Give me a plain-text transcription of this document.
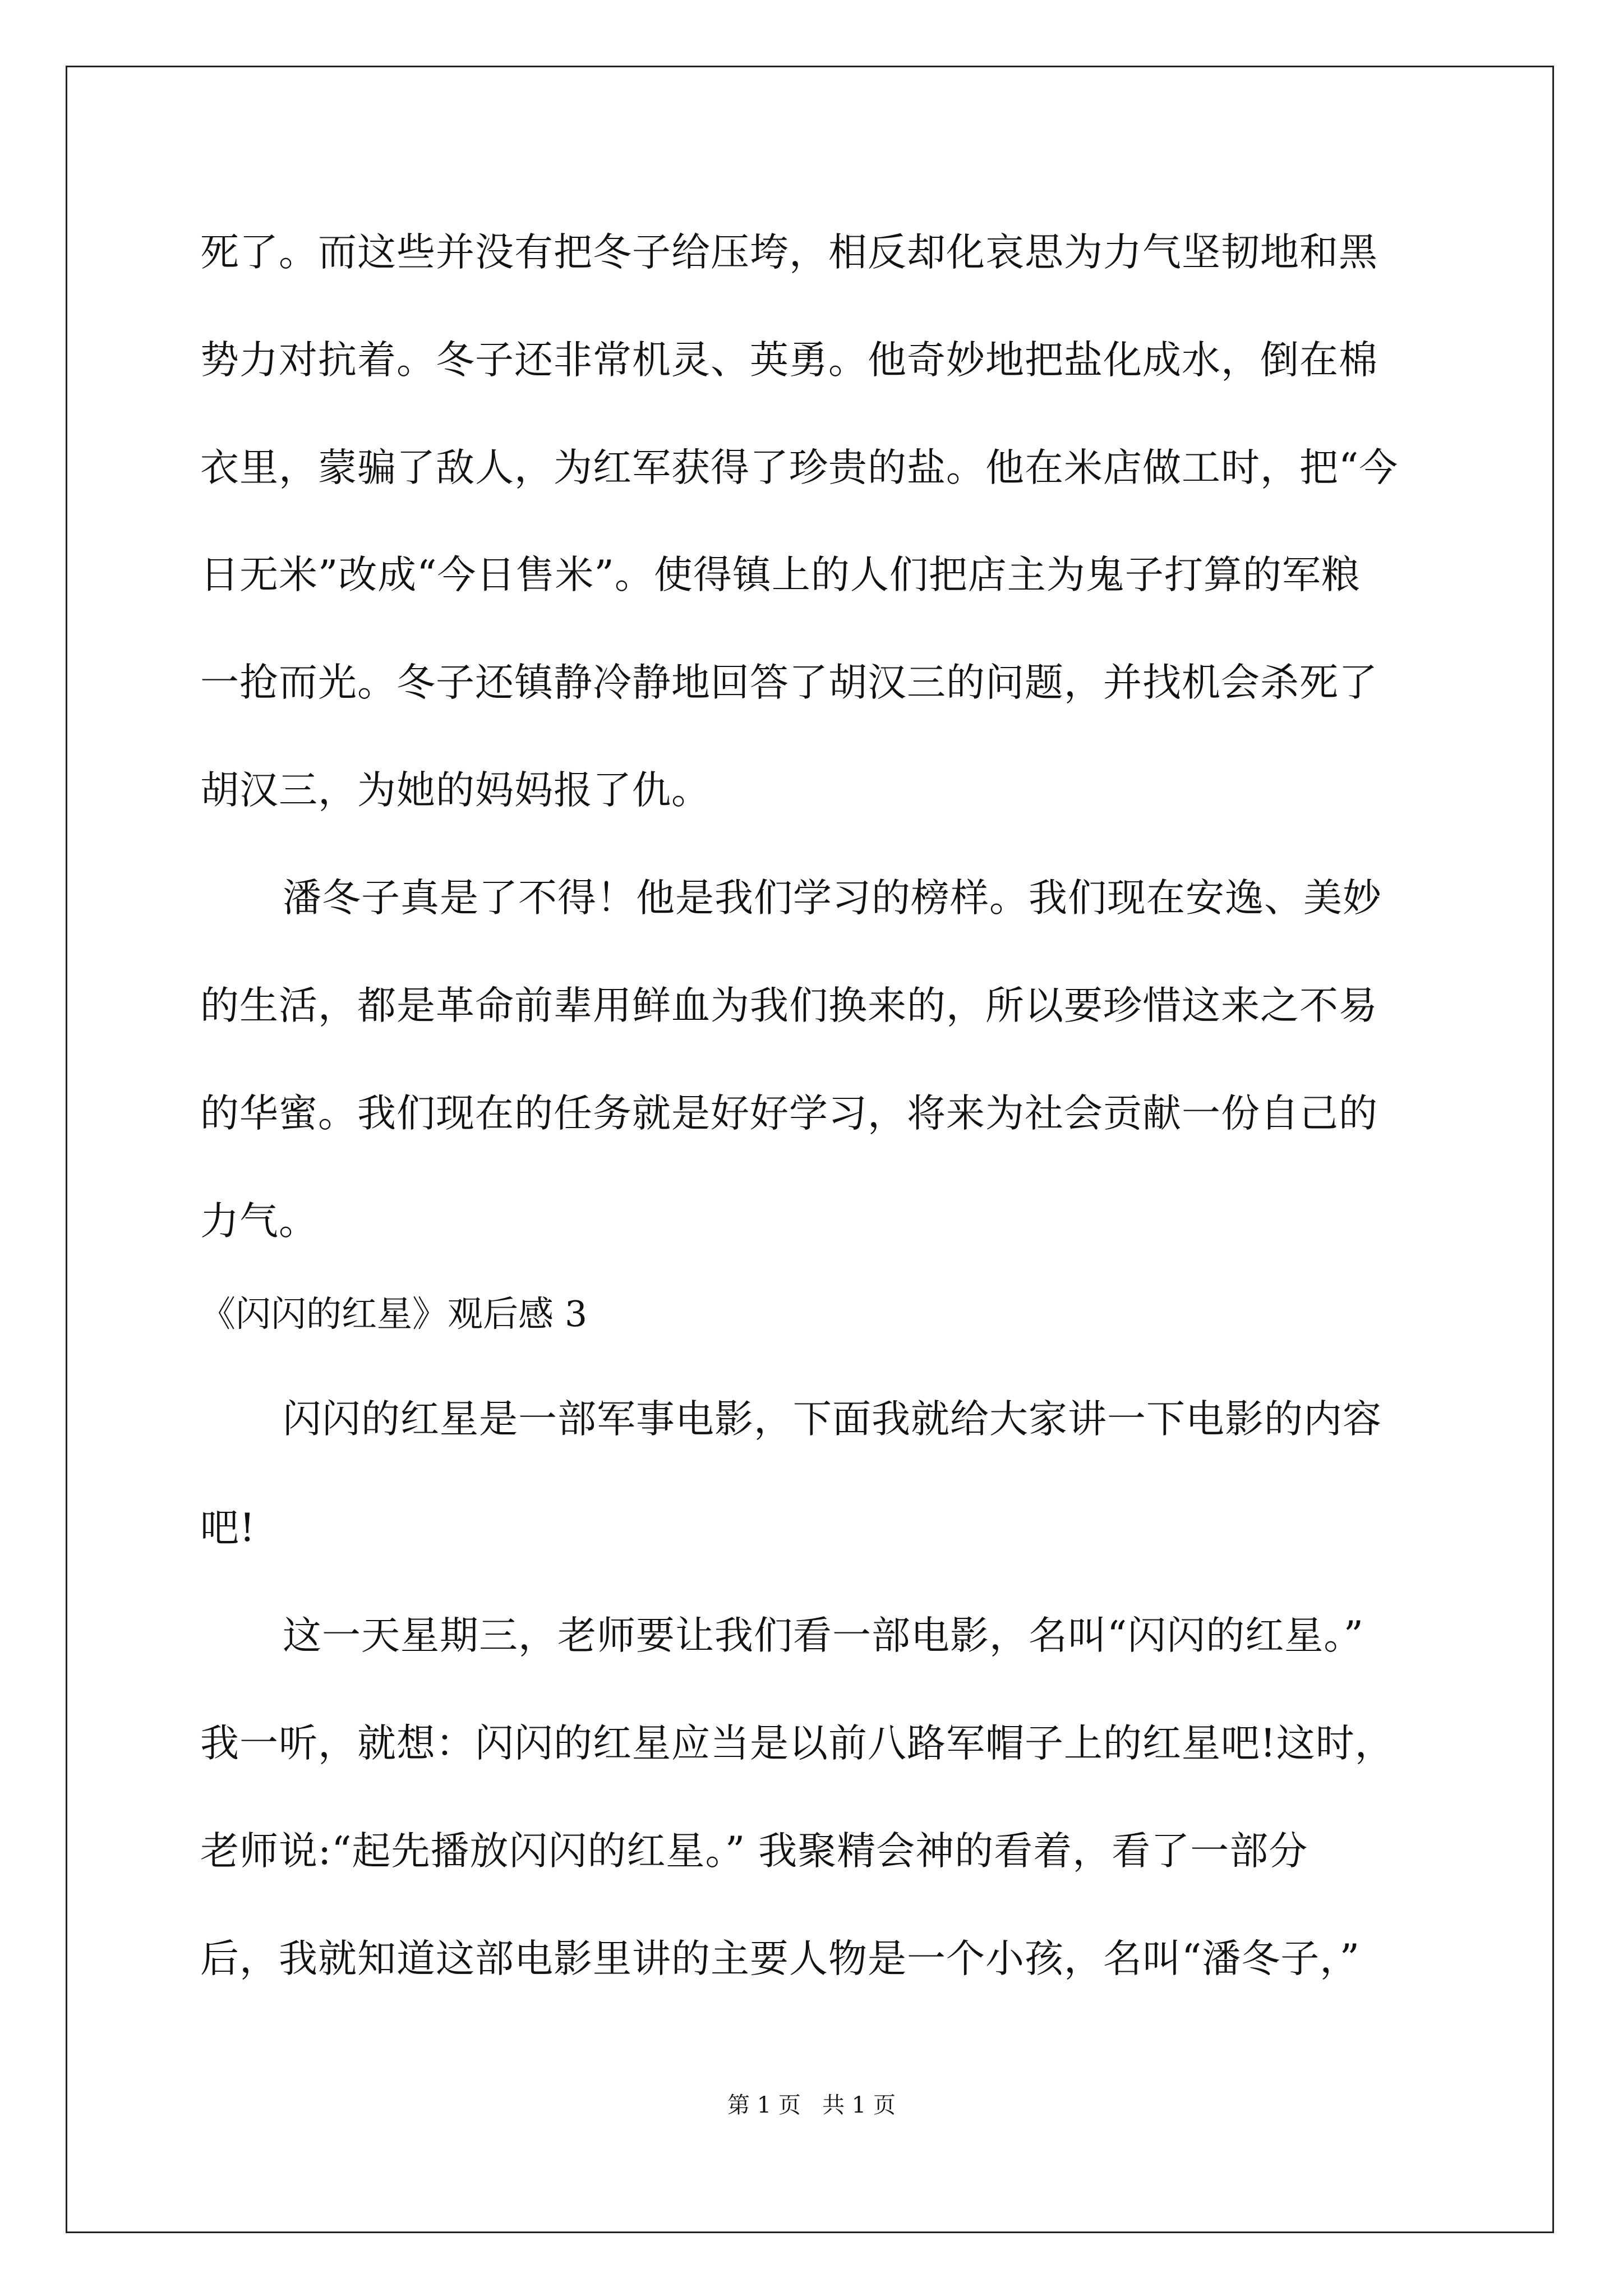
死了。而这些并没有把冬子给压垮，相反却化哀思为力气坚韧地和黑
势力对抗着。冬子还非常机灵、英勇。他奇妙地把盐化成水，倒在棉
衣里，蒙骗了敌人，为红军获得了珍贵的盐。他在米店做工时，把“今
日无米”改成“今日售米”。使得镇上的人们把店主为鬼子打算的军粮
一抢而光。冬子还镇静冷静地回答了胡汉三的问题，并找机会杀死了
胡汉三，为她的妈妈报了仇。
潘冬子真是了不得！他是我们学习的榜样。我们现在安逸、美妙
的生活，都是革命前辈用鲜血为我们换来的，所以要珍惜这来之不易
的华蜜。我们现在的任务就是好好学习，将来为社会贡献一份自己的
力气。
《闪闪的红星》观后感 3
闪闪的红星是一部军事电影，下面我就给大家讲一下电影的内容
吧!
这一天星期三，老师要让我们看一部电影，名叫“闪闪的红星。”
我一听，就想：闪闪的红星应当是以前八路军帽子上的红星吧!这时，
老师说:“起先播放闪闪的红星。” 我聚精会神的看着，看了一部分
后，我就知道这部电影里讲的主要人物是一个小孩，名叫“潘冬子，”
第 1 页   共 1 页
